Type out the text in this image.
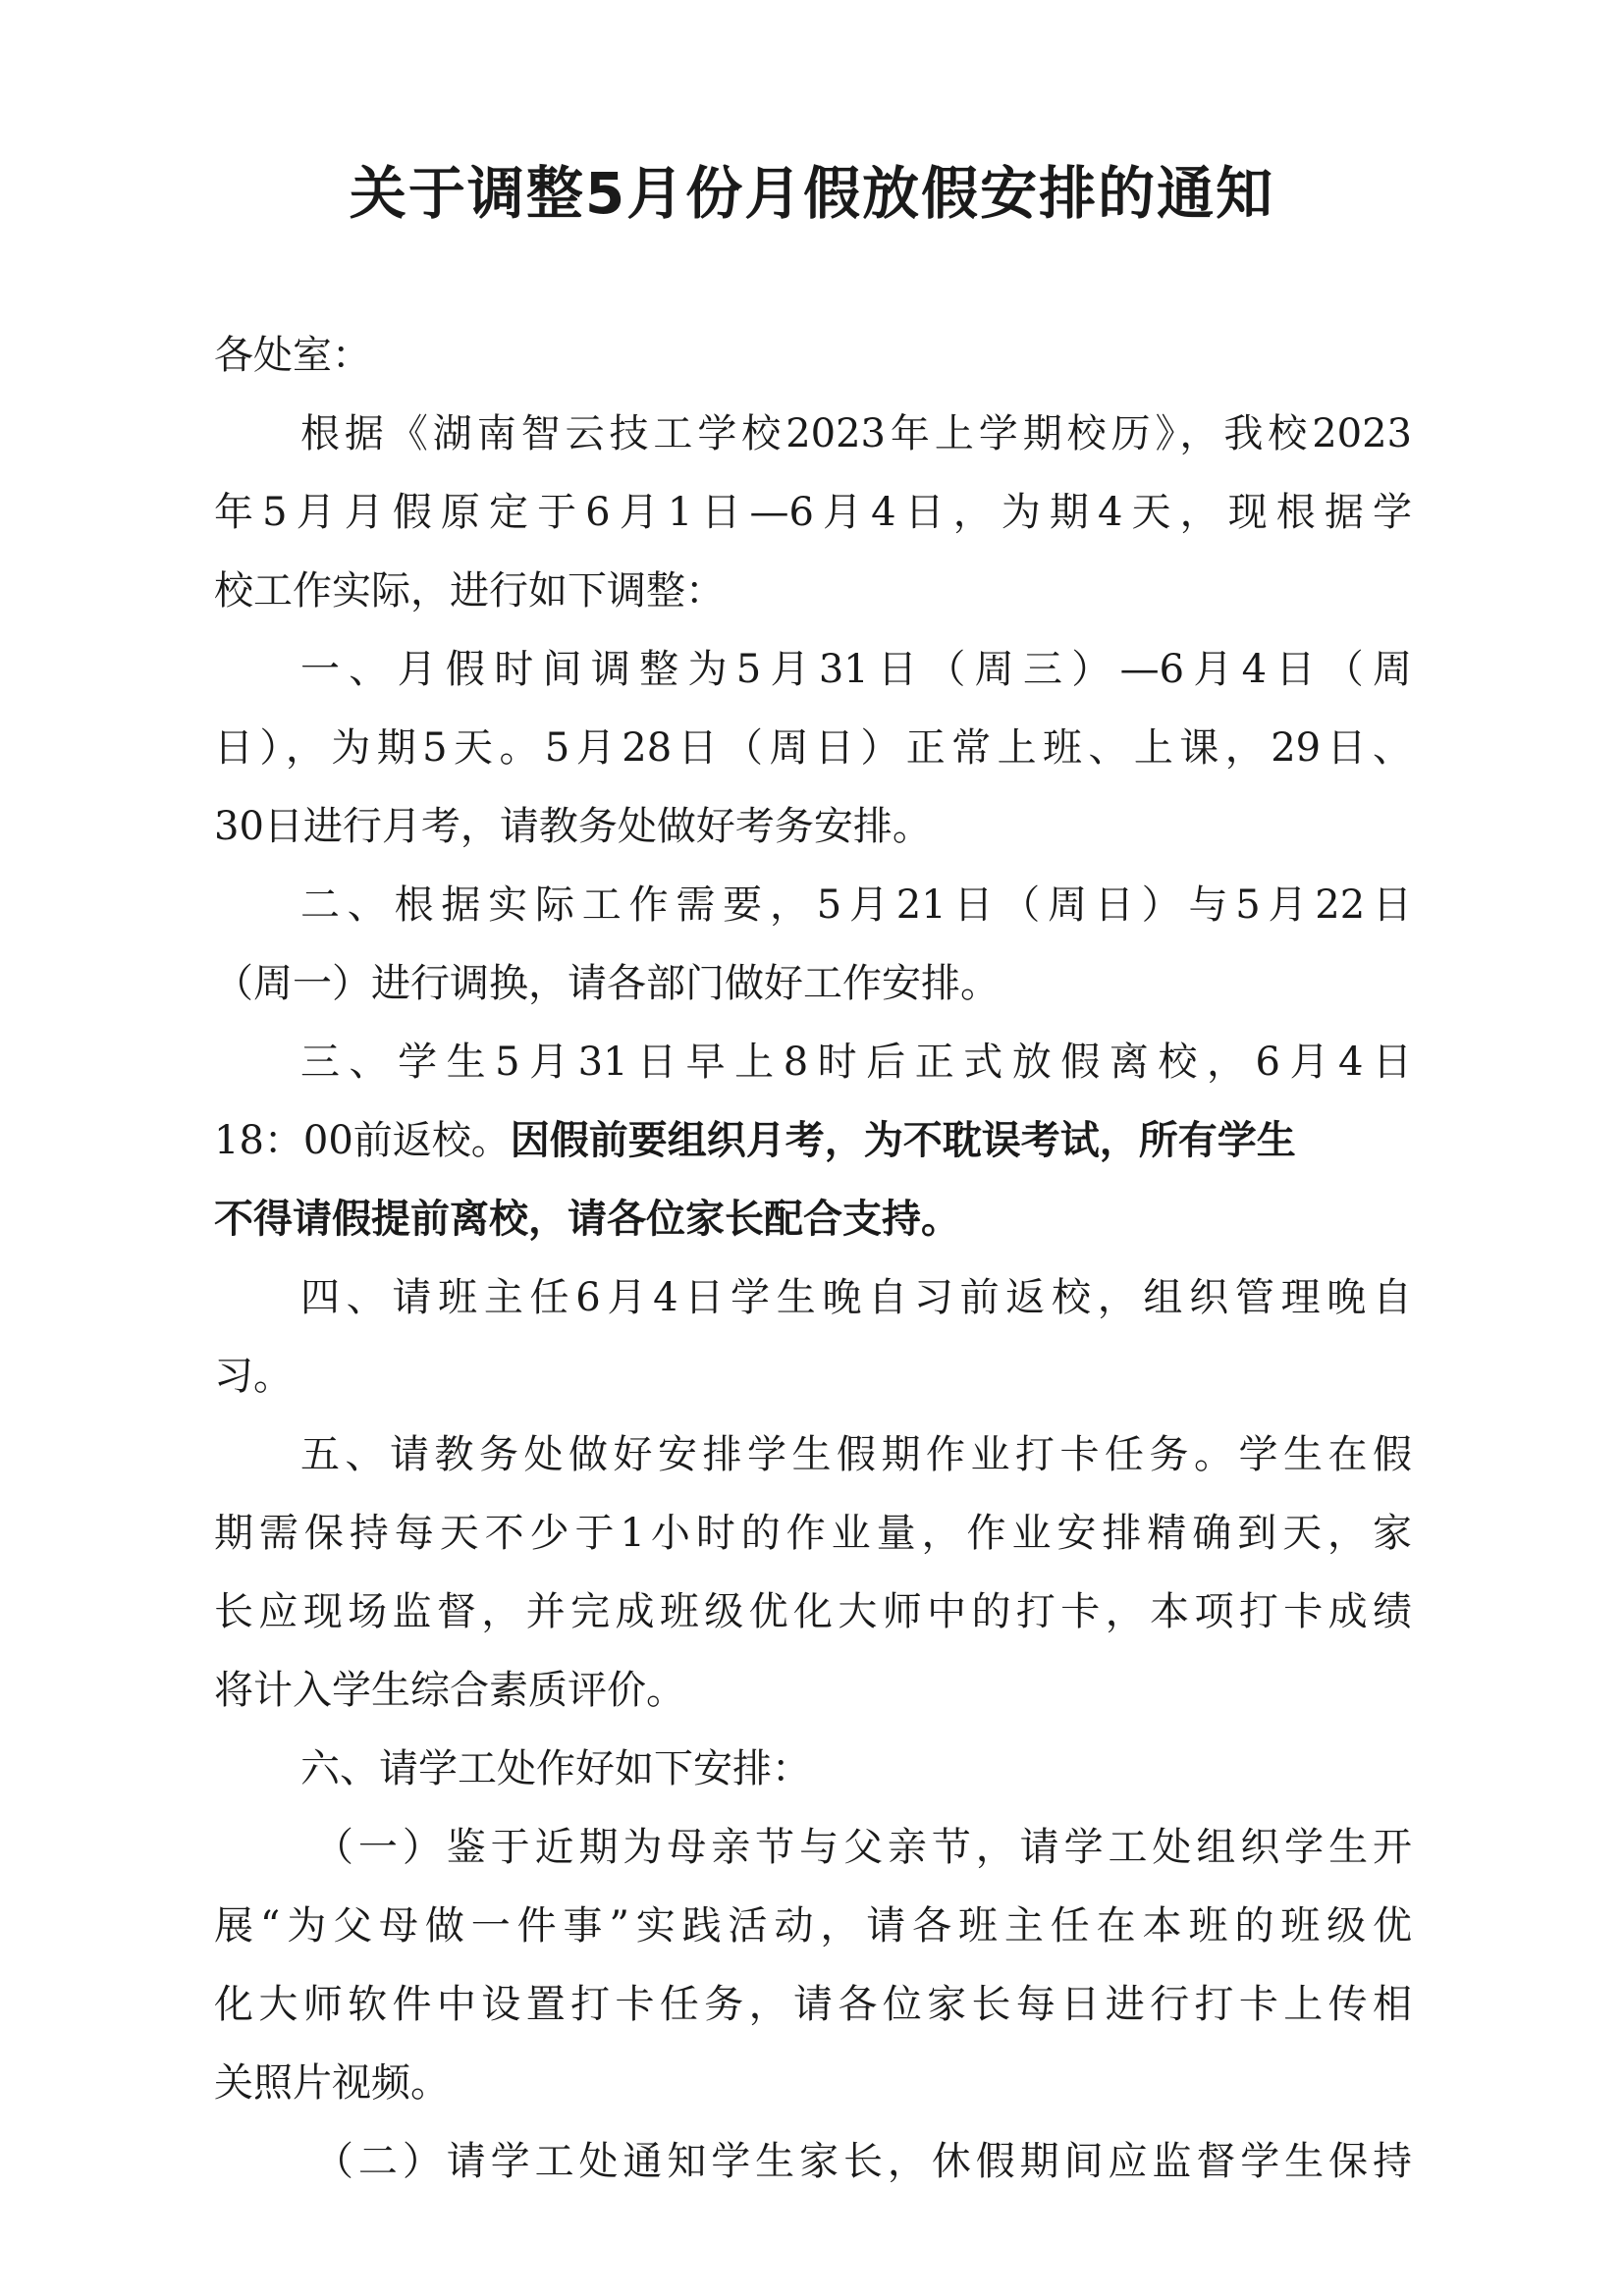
关于调整5月份月假放假安排的通知
各处室：
根据《湖南智云技工学校2023年上学期校历》，我校2023
年5月月假原定于6月1日—6月4日，为期4天，现根据学
校工作实际，进行如下调整：
一、月假时间调整为5月31日（周三）—6月4日（周
日），为期5天。5月28日（周日）正常上班、上课，29日、
30日进行月考，请教务处做好考务安排。
二、根据实际工作需要，5月21日（周日）与5月22日
（周一）进行调换，请各部门做好工作安排。
三、学生5月31日早上8时后正式放假离校，6月4日
18：00前返校。因假前要组织月考，为不耽误考试，所有学生
不得请假提前离校，请各位家长配合支持。
四、请班主任6月4日学生晚自习前返校，组织管理晚自
习。
五、请教务处做好安排学生假期作业打卡任务。学生在假
期需保持每天不少于1小时的作业量，作业安排精确到天，家
长应现场监督，并完成班级优化大师中的打卡，本项打卡成绩
将计入学生综合素质评价。
六、请学工处作好如下安排：
（一）鉴于近期为母亲节与父亲节，请学工处组织学生开
展“为父母做一件事”实践活动，请各班主任在本班的班级优
化大师软件中设置打卡任务，请各位家长每日进行打卡上传相
关照片视频。
（二）请学工处通知学生家长，休假期间应监督学生保持
